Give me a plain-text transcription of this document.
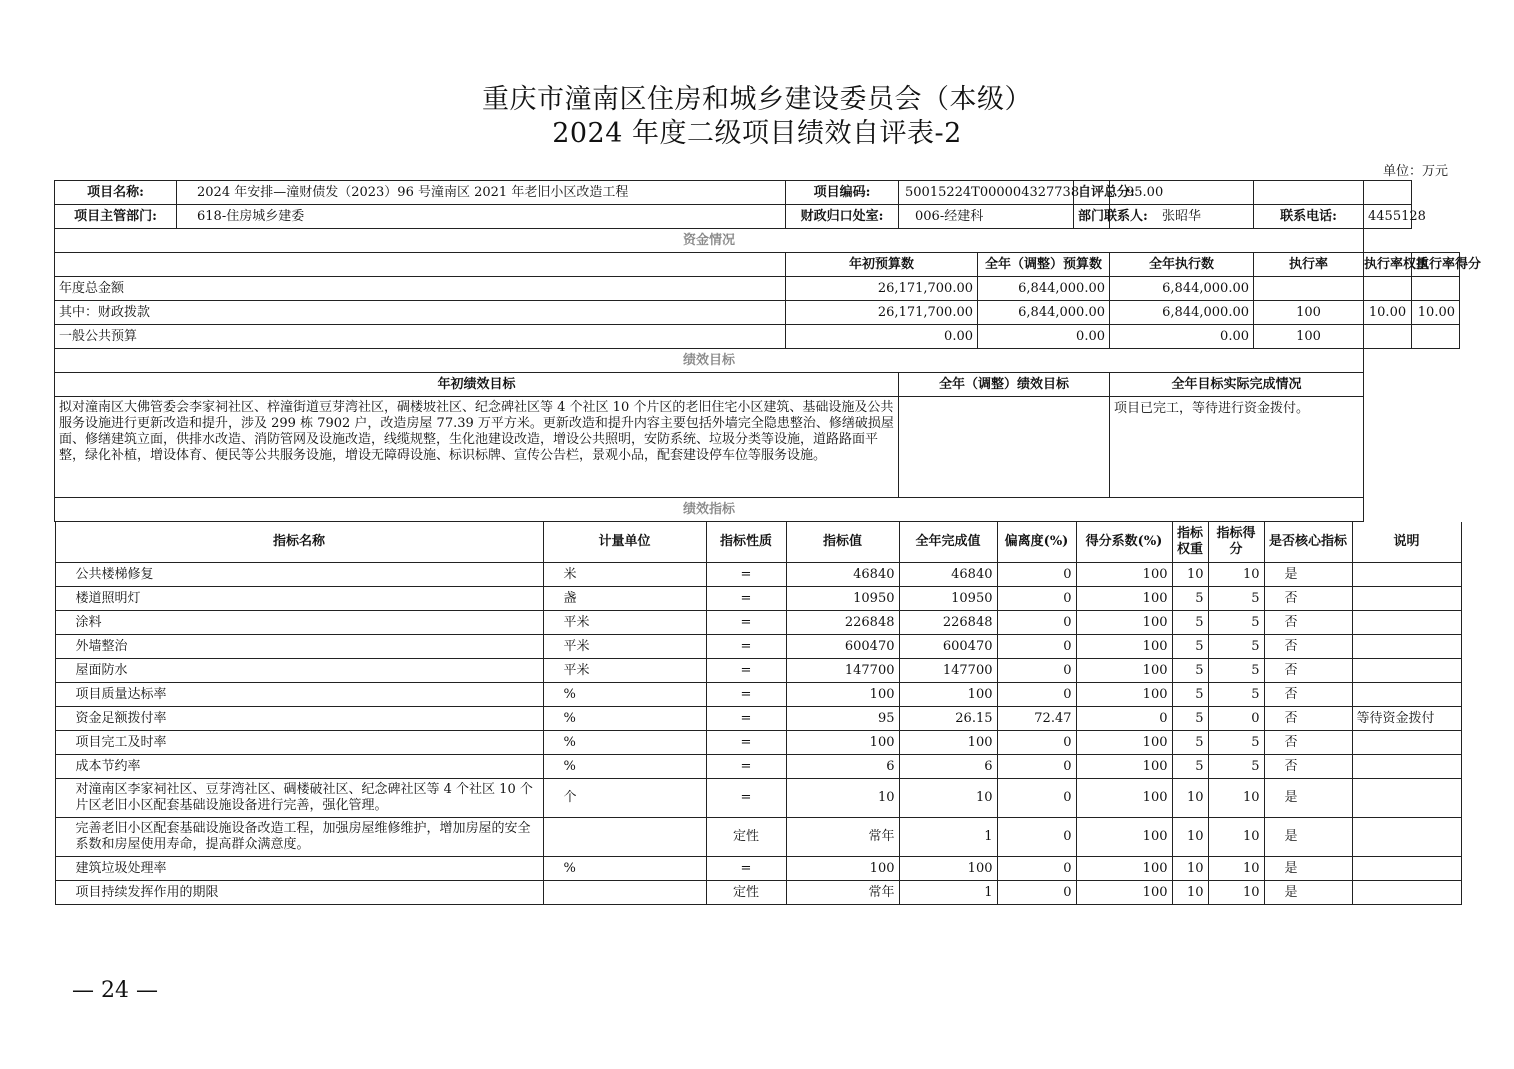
重庆市潼南区住房和城乡建设委员会（本级）
2024 年度二级项目绩效自评表-2
单位：万元
项目名称:	2024 年安排—潼财债发（2023）96 号潼南区 2021 年老旧小区改造工程	项目编码:	50015224T000004327738	自评总分:	95.00		
项目主管部门:	618-住房城乡建委	财政归口处室:	006-经建科	部门联系人:	张昭华	联系电话:	4455128
资金情况
	年初预算数	全年（调整）预算数	全年执行数	执行率	执行率权重	执行率得分
年度总金额	26,171,700.00	6,844,000.00	6,844,000.00			
其中：财政拨款	26,171,700.00	6,844,000.00	6,844,000.00	100	10.00	10.00
一般公共预算	0.00	0.00	0.00	100		
绩效目标
年初绩效目标	全年（调整）绩效目标	全年目标实际完成情况
拟对潼南区大佛管委会李家祠社区、梓潼街道豆芽湾社区，碉楼坡社区、纪念碑社区等 4 个社区 10 个片区的老旧住宅小区建筑、基础设施及公共服务设施进行更新改造和提升，涉及 299 栋 7902 户，改造房屋 77.39 万平方米。更新改造和提升内容主要包括外墙完全隐患整治、修缮破损屋面、修缮建筑立面，供排水改造、消防管网及设施改造，线缆规整，生化池建设改造，增设公共照明，安防系统、垃圾分类等设施，道路路面平整，绿化补植，增设体育、便民等公共服务设施，增设无障碍设施、标识标牌、宣传公告栏，景观小品，配套建设停车位等服务设施。		项目已完工，等待进行资金拨付。
绩效指标

指标名称	计量单位	指标性质	指标值	全年完成值	偏离度(%)	得分系数(%)	指标权重	指标得分	是否核心指标	说明
公共楼梯修复	米	=	46840	46840	0	100	10	10	是	
楼道照明灯	盏	=	10950	10950	0	100	5	5	否	
涂料	平米	=	226848	226848	0	100	5	5	否	
外墙整治	平米	=	600470	600470	0	100	5	5	否	
屋面防水	平米	=	147700	147700	0	100	5	5	否	
项目质量达标率	%	=	100	100	0	100	5	5	否	
资金足额拨付率	%	=	95	26.15	72.47	0	5	0	否	等待资金拨付
项目完工及时率	%	=	100	100	0	100	5	5	否	
成本节约率	%	=	6	6	0	100	5	5	否	
对潼南区李家祠社区、豆芽湾社区、碉楼破社区、纪念碑社区等 4 个社区 10 个片区老旧小区配套基础设施设备进行完善，强化管理。	个	=	10	10	0	100	10	10	是	
完善老旧小区配套基础设施设备改造工程，加强房屋维修维护，增加房屋的安全系数和房屋使用寿命，提高群众满意度。		定性	常年	1	0	100	10	10	是	
建筑垃圾处理率	%	=	100	100	0	100	10	10	是	
项目持续发挥作用的期限		定性	常年	1	0	100	10	10	是	
— 24 —
